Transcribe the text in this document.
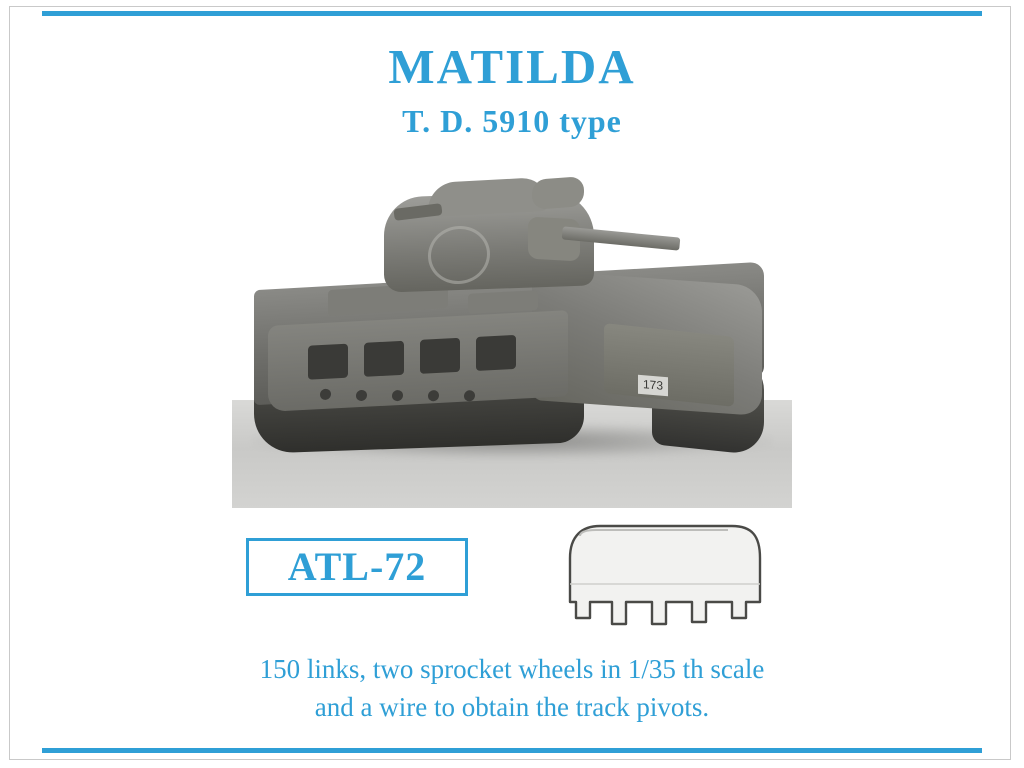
MATILDA
T. D. 5910 type
173
ATL-72
150 links, two sprocket wheels in 1/35 th scale
and a wire to obtain the track pivots.
